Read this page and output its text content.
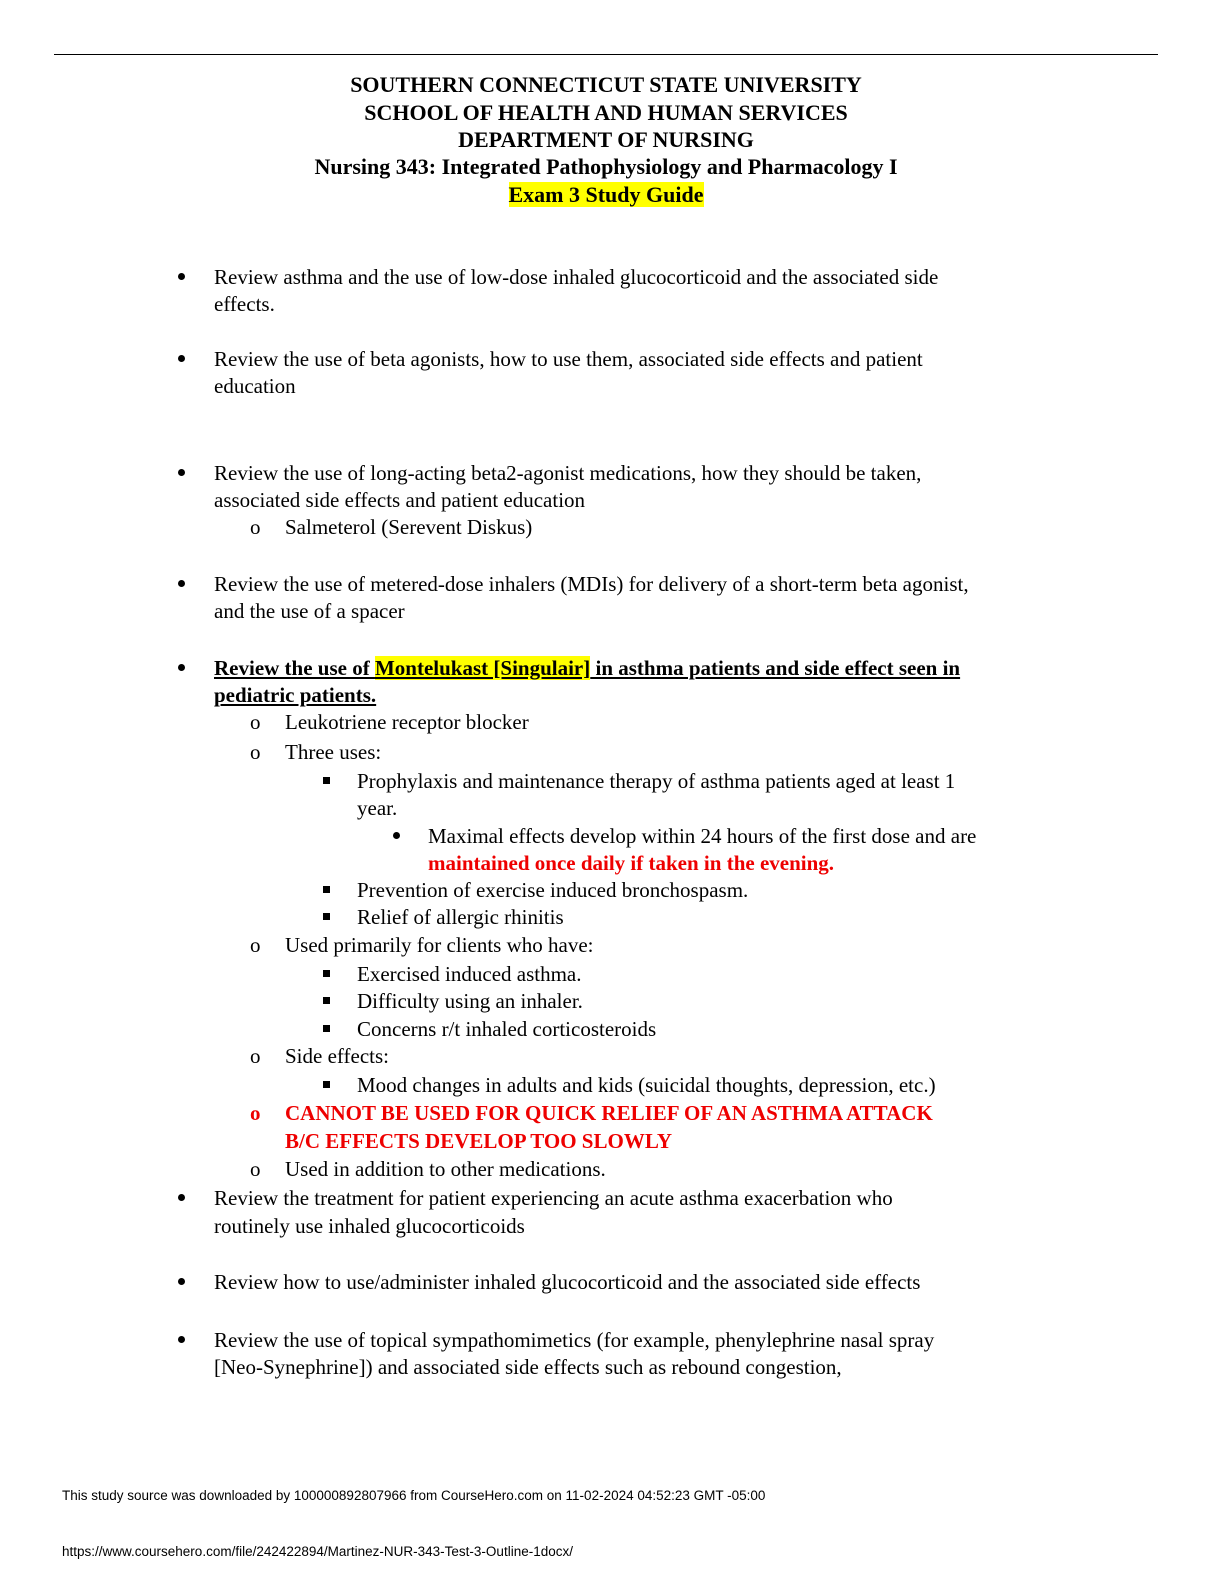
SOUTHERN CONNECTICUT STATE UNIVERSITY
SCHOOL OF HEALTH AND HUMAN SERVICES
DEPARTMENT OF NURSING
Nursing 343: Integrated Pathophysiology and Pharmacology I
Exam 3 Study Guide
Review asthma and the use of low-dose inhaled glucocorticoid and the associated side
effects.
Review the use of beta agonists, how to use them, associated side effects and patient
education
Review the use of long-acting beta2-agonist medications, how they should be taken,
associated side effects and patient education
o Salmeterol (Serevent Diskus)
Review the use of metered-dose inhalers (MDIs) for delivery of a short-term beta agonist,
and the use of a spacer
Review the use of Montelukast [Singulair] in asthma patients and side effect seen in
pediatric patients.
o Leukotriene receptor blocker
o Three uses:
Prophylaxis and maintenance therapy of asthma patients aged at least 1
year.
Maximal effects develop within 24 hours of the first dose and are
maintained once daily if taken in the evening.
Prevention of exercise induced bronchospasm.
Relief of allergic rhinitis
o Used primarily for clients who have:
Exercised induced asthma.
Difficulty using an inhaler.
Concerns r/t inhaled corticosteroids
o Side effects:
Mood changes in adults and kids (suicidal thoughts, depression, etc.)
o CANNOT BE USED FOR QUICK RELIEF OF AN ASTHMA ATTACK
B/C EFFECTS DEVELOP TOO SLOWLY
o Used in addition to other medications.
Review the treatment for patient experiencing an acute asthma exacerbation who
routinely use inhaled glucocorticoids
Review how to use/administer inhaled glucocorticoid and the associated side effects
Review the use of topical sympathomimetics (for example, phenylephrine nasal spray
[Neo-Synephrine]) and associated side effects such as rebound congestion,
This study source was downloaded by 100000892807966 from CourseHero.com on 11-02-2024 04:52:23 GMT -05:00
https://www.coursehero.com/file/242422894/Martinez-NUR-343-Test-3-Outline-1docx/
